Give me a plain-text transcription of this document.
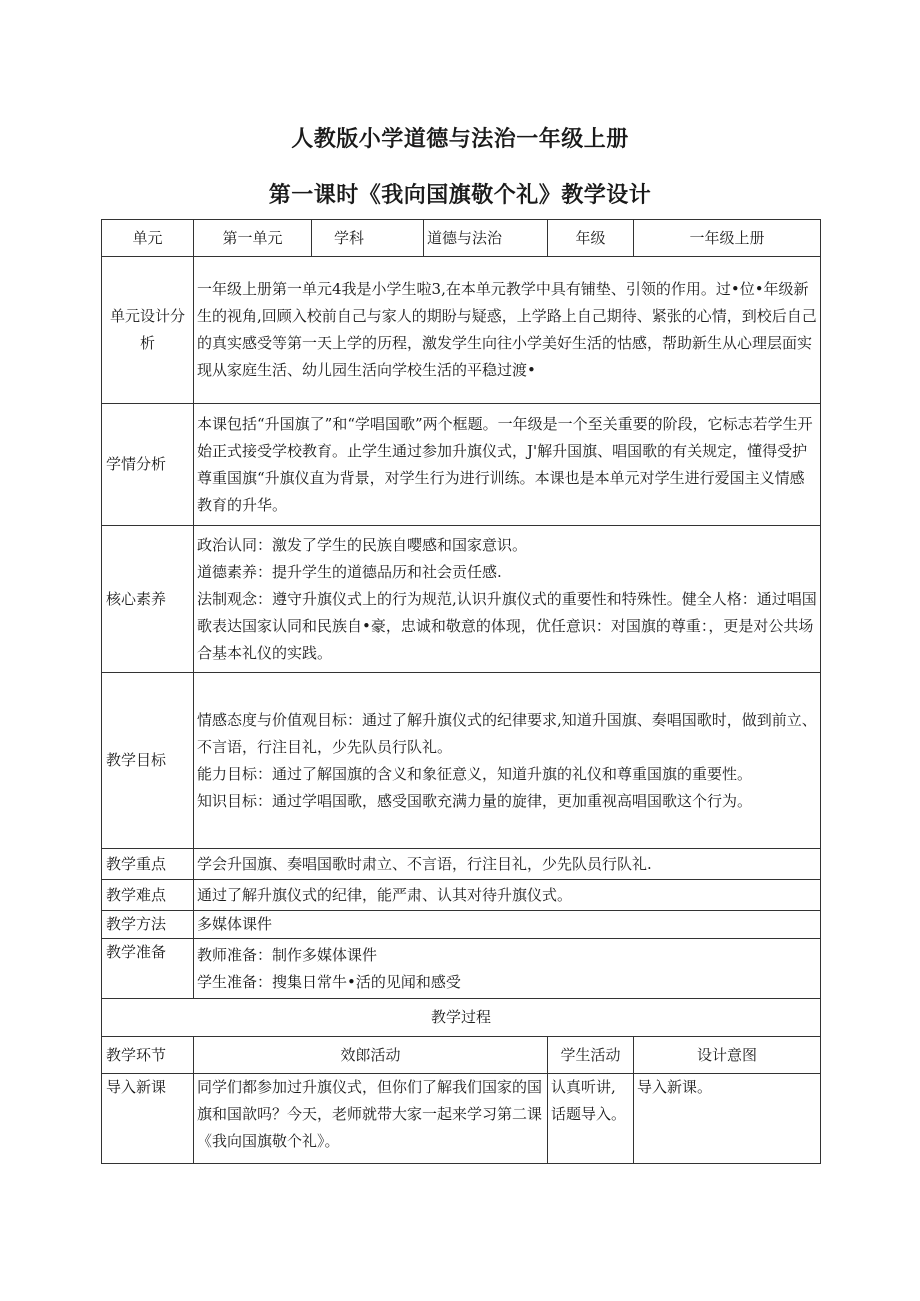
人教版小学道德与法治一年级上册
第一课时《我向国旗敬个礼》教学设计
单元	第一单元	学科	道德与法治	年级	一年级上册
单元设计分析	一年级上册第一单元4我是小学生啦3,在本单元教学中具有铺垫、引领的作用。过•位•年级新生的视角,回顾入校前自己与家人的期盼与疑惑，上学路上自己期待、紧张的心情，到校后自己的真实感受等第一天上学的历程，激发学生向往小学美好生活的怙感，帮助新生从心理层面实现从家庭生活、幼儿园生活向学校生活的平稳过渡•				
学情分析	本课包括“升国旗了”和“学唱国歌”两个框题。一年级是一个至关重要的阶段，它标志若学生开始正式接受学校教育。止学生通过参加升旗仪式，J'解升国旗、唱国歌的有关规定，懂得受护尊重国旗“升旗仪直为背景，对学生行为进行训练。本课也是本单元对学生进行爱国主义情感教育的升华。				
核心素养	政治认同：激发了学生的民族自嘤感和国家意识。
道德素养：提升学生的道德品历和社会贡任感.
法制观念：遵守升旗仪式上的行为规范,认识升旗仪式的重要性和特殊性。健全人格：通过唱国歌表达国家认同和民族自•豪，忠诚和敬意的体现，优任意识：对国旗的尊重：，更是对公共场合基本礼仪的实践。				

教学目标	情感态度与价值观目标：通过了解升旗仪式的纪律要求,知道升国旗、奏唱国歌时，做到前立、不言语，行注目礼，少先队员行队礼。
能力目标：通过了解国旗的含义和象征意义，知道升旗的礼仪和尊重国旗的重要性。
知识目标：通过学唱国歌，感受国歌充满力量的旋律，更加重视高唱国歌这个行为。				

教学重点	学会升国旗、奏唱国歌时肃立、不言语，行注目礼，少先队员行队礼.				
教学难点	通过了解升旗仪式的纪律，能严肃、认其对待升旗仪式。				
教学方法	多媒体课件				
教学准备	教师准备：制作多媒体课件
学生准备：搜集日常牛•活的见闻和感受				

教学过程					
教学环节	效郎活动			学生活动	设计意图
导入新课	同学们都参加过升旗仪式，但你们了解我们国家的国旗和国歆吗？今天，老师就带大家一起来学习第二课《我向国旗敬个礼》。			认真听讲,话题导入。	导入新课。
